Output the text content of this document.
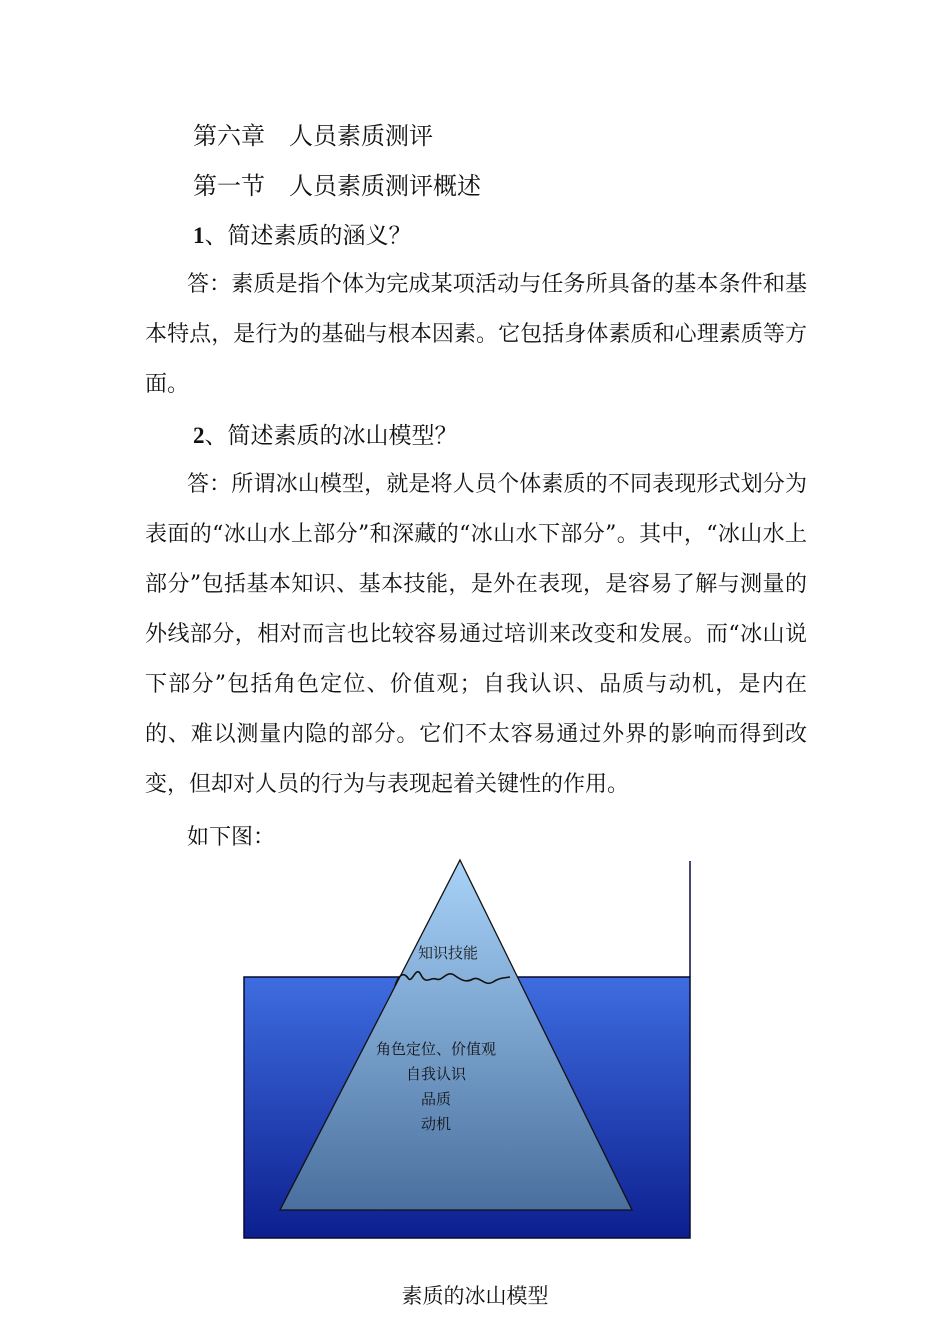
第六章　人员素质测评
第一节　人员素质测评概述
1、简述素质的涵义？
答：素质是指个体为完成某项活动与任务所具备的基本条件和基本特点，是行为的基础与根本因素。它包括身体素质和心理素质等方面。
2、简述素质的冰山模型？
答：所谓冰山模型，就是将人员个体素质的不同表现形式划分为表面的“冰山水上部分”和深藏的“冰山水下部分”。其中，“冰山水上部分”包括基本知识、基本技能，是外在表现，是容易了解与测量的外线部分，相对而言也比较容易通过培训来改变和发展。而“冰山说下部分”包括角色定位、价值观；自我认识、品质与动机，是内在的、难以测量内隐的部分。它们不太容易通过外界的影响而得到改变，但却对人员的行为与表现起着关键性的作用。
如下图：
知识技能
角色定位、价值观
自我认识
品质
动机
素质的冰山模型
